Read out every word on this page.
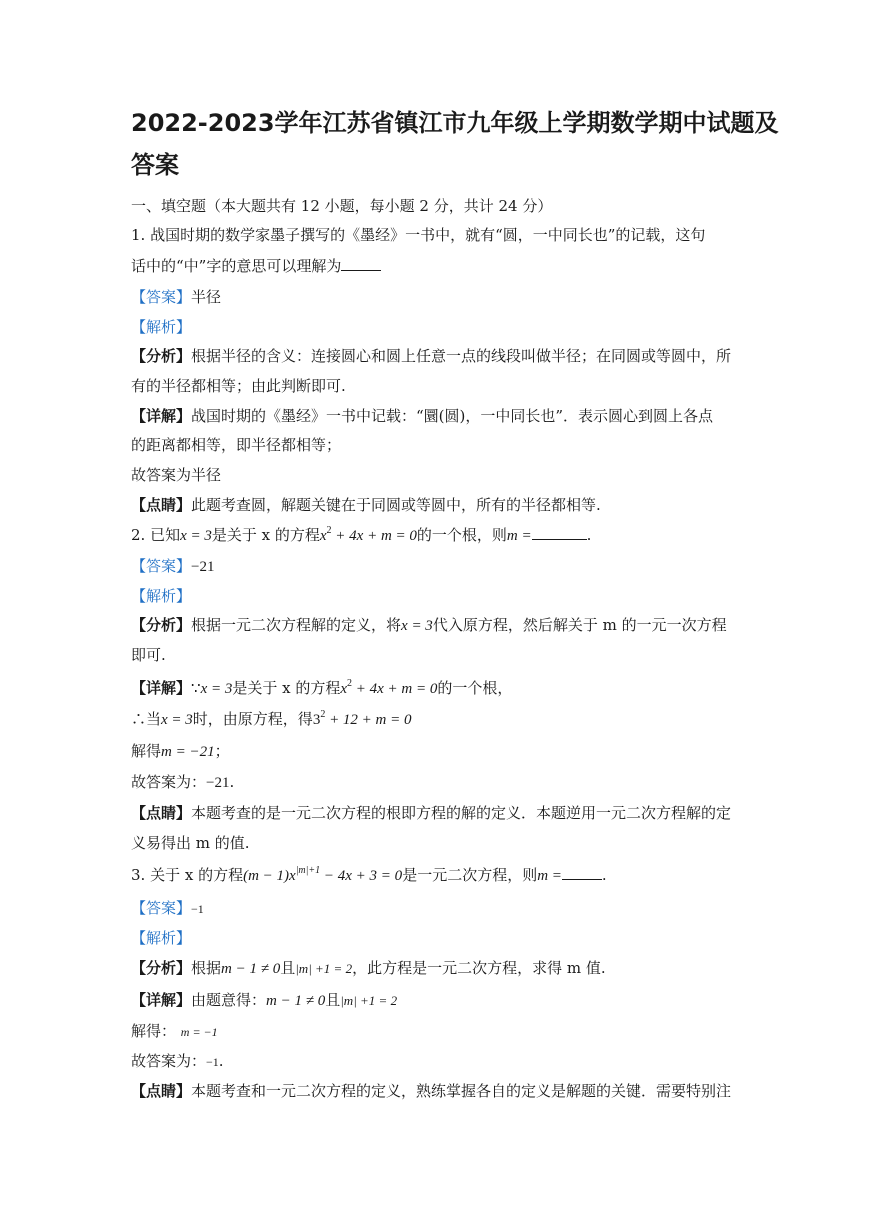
2022-2023学年江苏省镇江市九年级上学期数学期中试题及
答案
一、填空题（本大题共有 12 小题，每小题 2 分，共计 24 分）
1. 战国时期的数学家墨子撰写的《墨经》一书中，就有“圆，一中同长也”的记载，这句
话中的“中”字的意思可以理解为
【答案】半径
【解析】
【分析】根据半径的含义：连接圆心和圆上任意一点的线段叫做半径；在同圆或等圆中，所
有的半径都相等；由此判断即可.
【详解】战国时期的《墨经》一书中记载：“圜(圆)，一中同长也”．表示圆心到圆上各点
的距离都相等，即半径都相等；
故答案为半径
【点睛】此题考查圆，解题关键在于同圆或等圆中，所有的半径都相等.
2. 已知x = 3是关于 x 的方程$x^2 + 4x + m = 0$的一个根，则m =	.
【答案】−21
【解析】
【分析】根据一元二次方程解的定义，将x = 3代入原方程，然后解关于 m 的一元一次方程
即可.
【详解】∵x = 3是关于 x 的方程$x^2 + 4x + m = 0$的一个根，
∴当x = 3时，由原方程，得$3^2 + 12 + m = 0$
解得m = −21；
故答案为：−21.
【点睛】本题考查的是一元二次方程的根即方程的解的定义．本题逆用一元二次方程解的定
义易得出 m 的值.
3. 关于 x 的方程$(m - 1)x^{|m|+1} - 4x + 3 = 0$是一元二次方程，则m =	.
【答案】−1
【解析】
【分析】根据m − 1 ≠ 0且|m| +1 = 2，此方程是一元二次方程，求得 m 值.
【详解】由题意得：m − 1 ≠ 0且|m| +1 = 2
解得： m = −1
故答案为：−1.
【点睛】本题考查和一元二次方程的定义，熟练掌握各自的定义是解题的关键．需要特别注
